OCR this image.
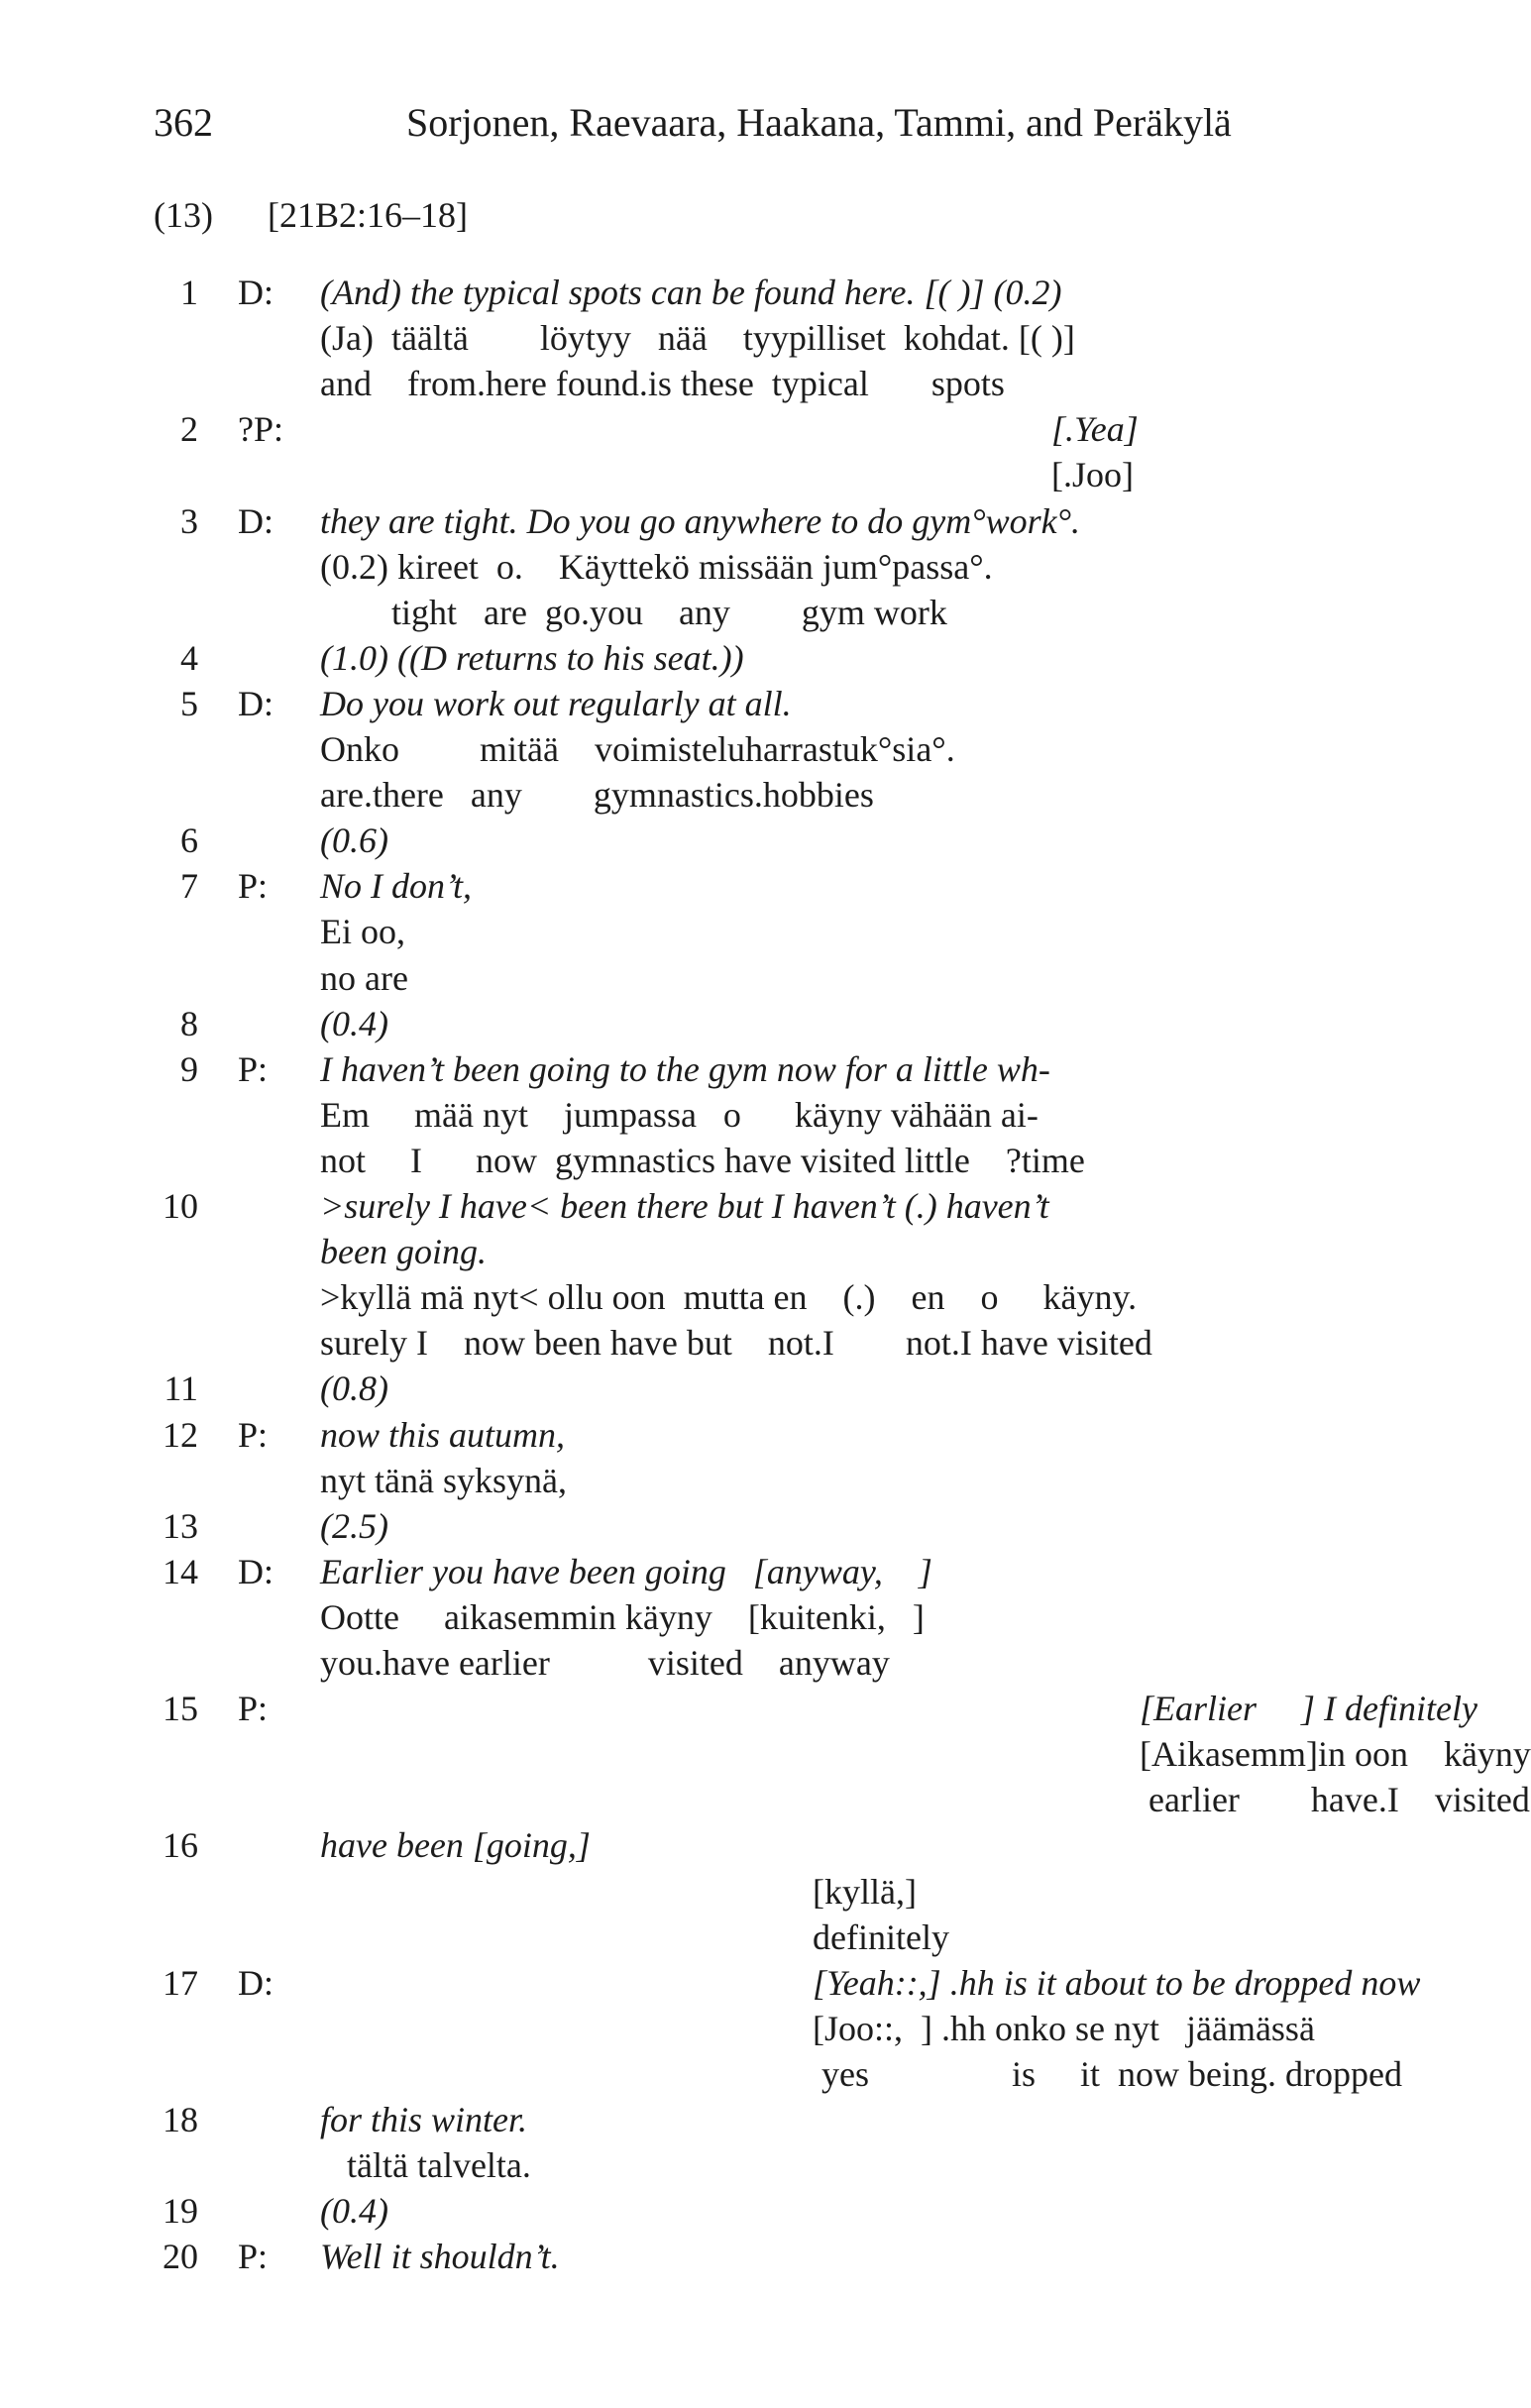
362	Sorjonen, Raevaara, Haakana, Tammi, and Peräkylä
(13) [21B2:16–18]
1 D: (And) the typical spots can be found here. [( )] (0.2)
(Ja)  täältä        löytyy   nää    tyypilliset  kohdat. [( )]
and    from.here found.is these  typical       spots
2 ?P:	[.Yea]
[.Joo]
3 D: they are tight. Do you go anywhere to do gym°work°.
(0.2) kireet  o.    Käyttekö missään jum°passa°.
tight   are  go.you    any        gym work
4	(1.0) ((D returns to his seat.))
5 D: Do you work out regularly at all.
Onko         mitää    voimisteluharrastuk°sia°.
are.there   any        gymnastics.hobbies
6	(0.6)
7 P: No I don’t,
Ei oo,
no are
8	(0.4)
9 P: I haven’t been going to the gym now for a little wh-
Em     mää nyt    jumpassa   o      käyny vähään ai-
not     I      now  gymnastics have visited little    ?time
10	>surely I have< been there but I haven’t (.) haven’t
been going.
>kyllä mä nyt< ollu oon  mutta en    (.)    en    o     käyny.
surely I    now been have but    not.I        not.I have visited
11	(0.8)
12 P: now this autumn,
nyt tänä syksynä,
13	(2.5)
14 D: Earlier you have been going   [anyway,    ]
Ootte     aikasemmin käyny    [kuitenki,   ]
you.have earlier           visited    anyway
15 P:	[Earlier     ] I definitely
[Aikasemm]in oon    käyny
earlier        have.I    visited
16	have been [going,]
[kyllä,]
definitely
17 D:	[Yeah::,] .hh is it about to be dropped now
[Joo::,  ] .hh onko se nyt   jäämässä
yes                is     it  now being. dropped
18	for this winter.
tältä talvelta.
19	(0.4)
20 P: Well it shouldn’t.
